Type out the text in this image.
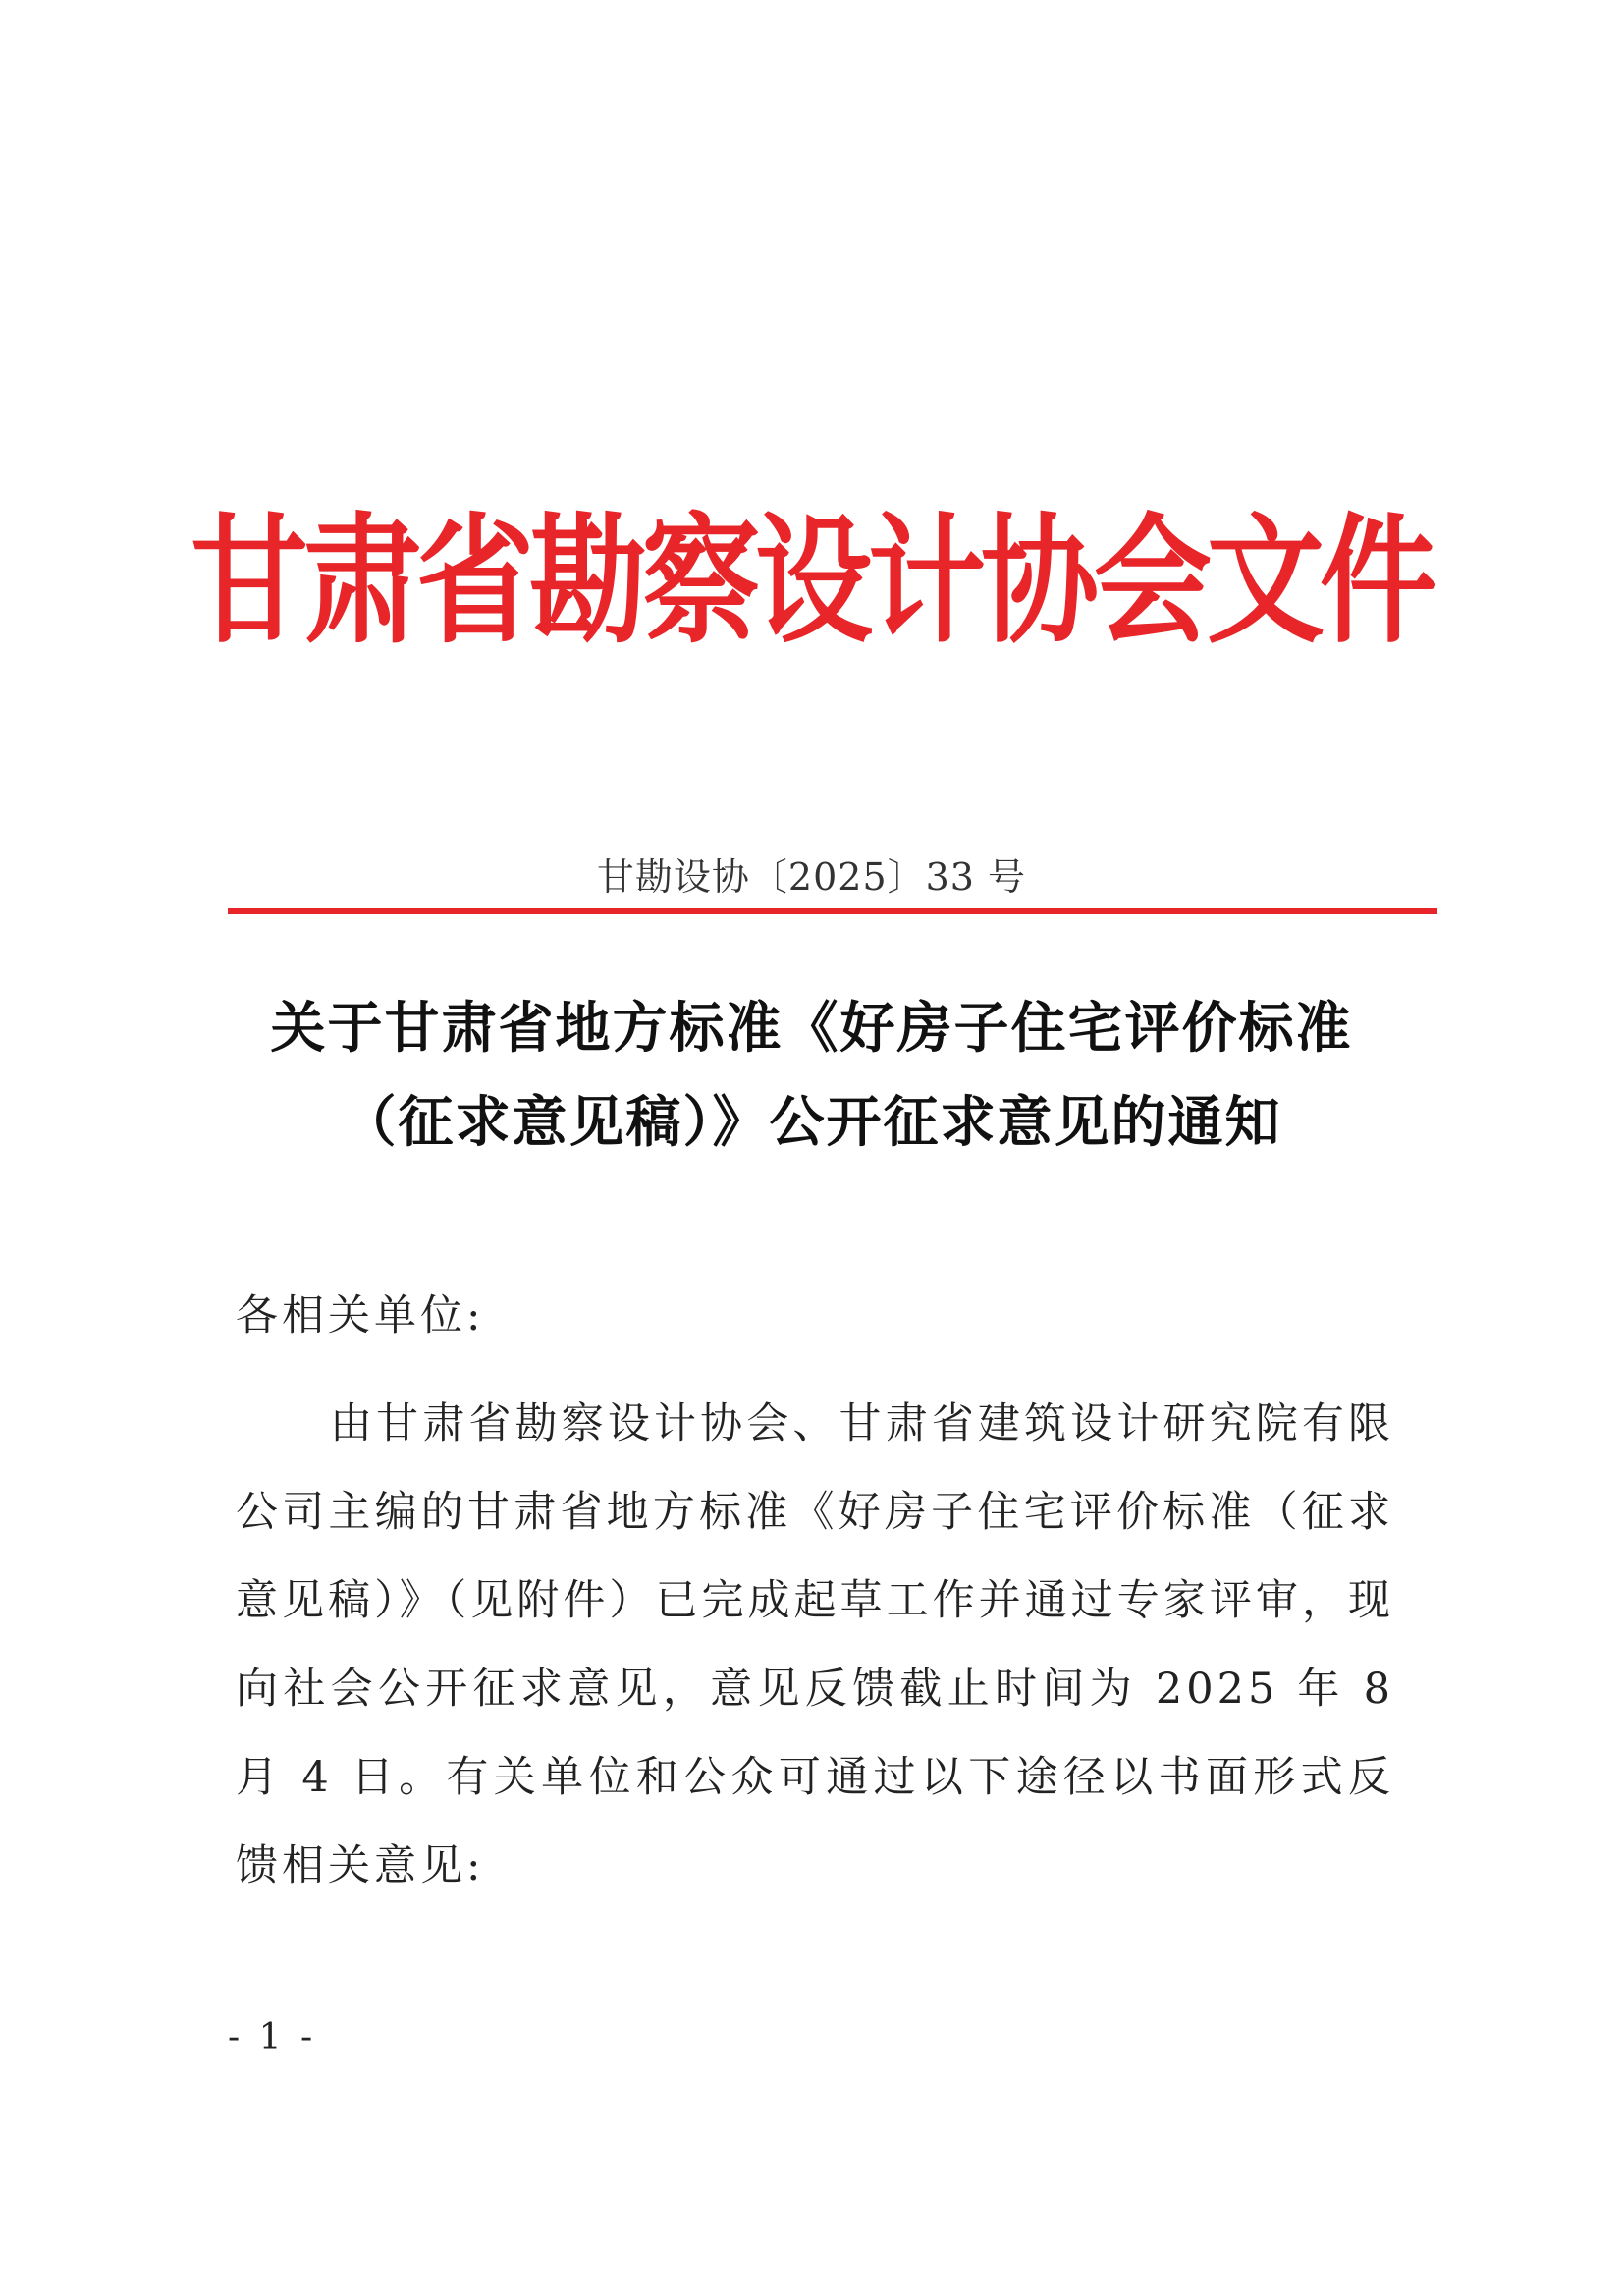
甘肃省勘察设计协会文件
甘勘设协〔2025〕33 号
关于甘肃省地方标准《好房子住宅评价标准
（征求意见稿）》公开征求意见的通知
各相关单位:
由甘肃省勘察设计协会、甘肃省建筑设计研究院有限公司主编的甘肃省地方标准《好房子住宅评价标准（征求意见稿）》（见附件）已完成起草工作并通过专家评审，现向社会公开征求意见，意见反馈截止时间为 2025 年 8 月 4 日。有关单位和公众可通过以下途径以书面形式反馈相关意见:
- 1 -
